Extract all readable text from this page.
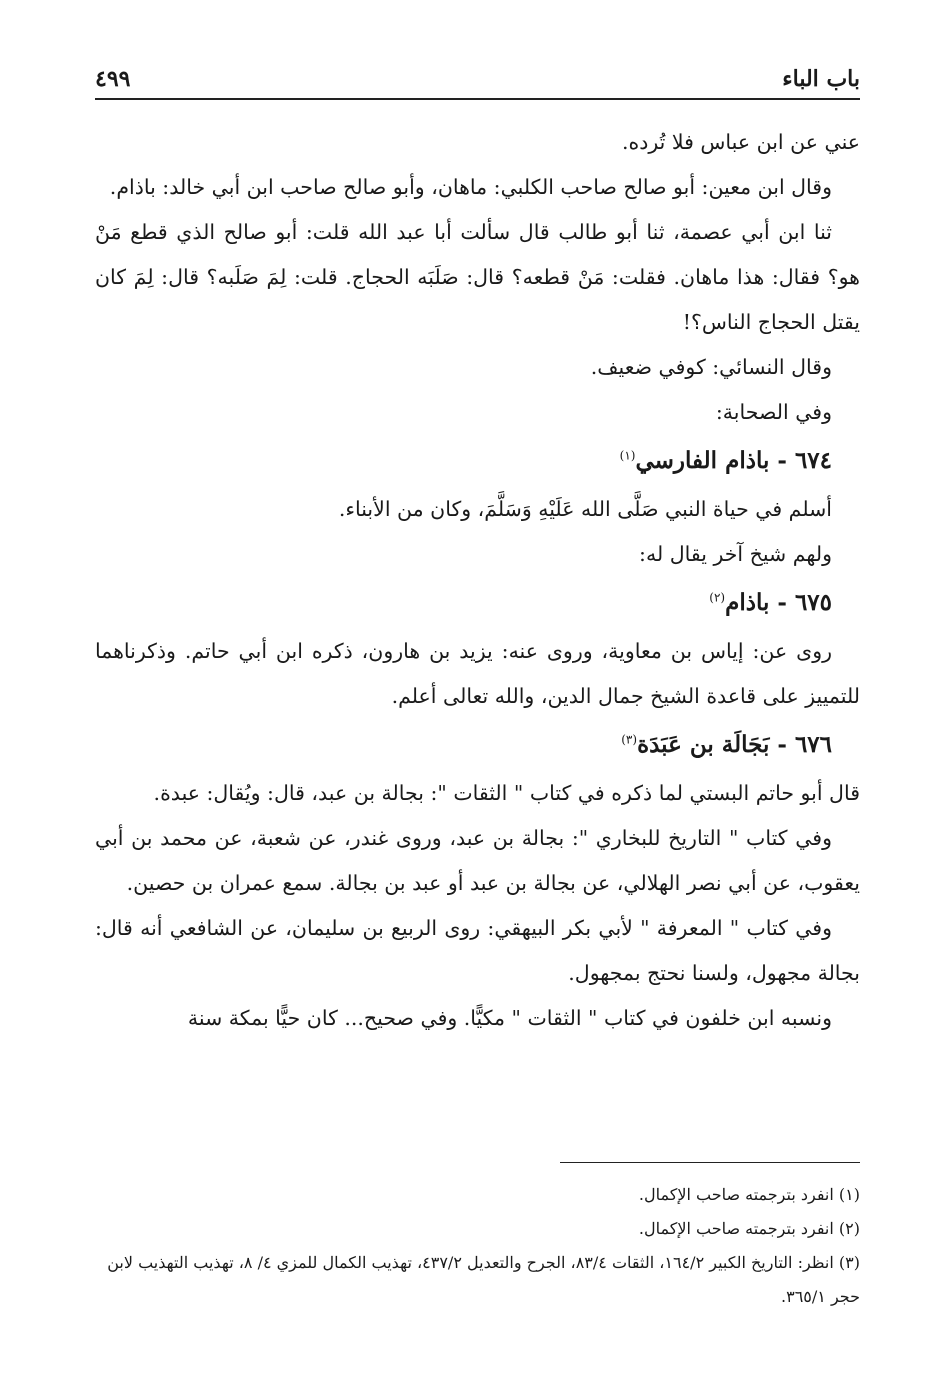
باب الباء
٤٩٩

عني عن ابن عباس فلا تُرده.

وقال ابن معين: أبو صالح صاحب الكلبي: ماهان، وأبو صالح صاحب ابن أبي خالد: باذام.

ثنا ابن أبي عصمة، ثنا أبو طالب قال سألت أبا عبد الله قلت: أبو صالح الذي قطع مَنْ هو؟ فقال: هذا ماهان. فقلت: مَنْ قطعه؟ قال: صَلَبَه الحجاج. قلت: لِمَ صَلَبه؟ قال: لِمَ كان يقتل الحجاج الناس؟!

وقال النسائي: كوفي ضعيف.

وفي الصحابة:

٦٧٤ - باذام الفارسي$^{(١)}$

أسلم في حياة النبي صَلَّى الله عَلَيْهِ وَسَلَّمَ، وكان من الأبناء.

ولهم شيخ آخر يقال له:

٦٧٥ - باذام$^{(٢)}$

روى عن: إياس بن معاوية، وروى عنه: يزيد بن هارون، ذكره ابن أبي حاتم. وذكرناهما للتمييز على قاعدة الشيخ جمال الدين، والله تعالى أعلم.

٦٧٦ - بَجَالَة بن عَبَدَة$^{(٣)}$

قال أبو حاتم البستي لما ذكره في كتاب " الثقات ": بجالة بن عبد، قال: ويُقال: عبدة.

وفي كتاب " التاريخ للبخاري ": بجالة بن عبد، وروى غندر، عن شعبة، عن محمد بن أبي يعقوب، عن أبي نصر الهلالي، عن بجالة بن عبد أو عبد بن بجالة. سمع عمران بن حصين.

وفي كتاب " المعرفة " لأبي بكر البيهقي: روى الربيع بن سليمان، عن الشافعي أنه قال: بجالة مجهول، ولسنا نحتج بمجهول.

ونسبه ابن خلفون في كتاب " الثقات " مكيًّا. وفي صحيح... كان حيًّا بمكة سنة

(١) انفرد بترجمته صاحب الإكمال.

(٢) انفرد بترجمته صاحب الإكمال.

(٣) انظر: التاريخ الكبير ١٦٤/٢، الثقات ٨٣/٤، الجرح والتعديل ٤٣٧/٢، تهذيب الكمال للمزي ٤/ ٨، تهذيب التهذيب لابن حجر ٣٦٥/١.
